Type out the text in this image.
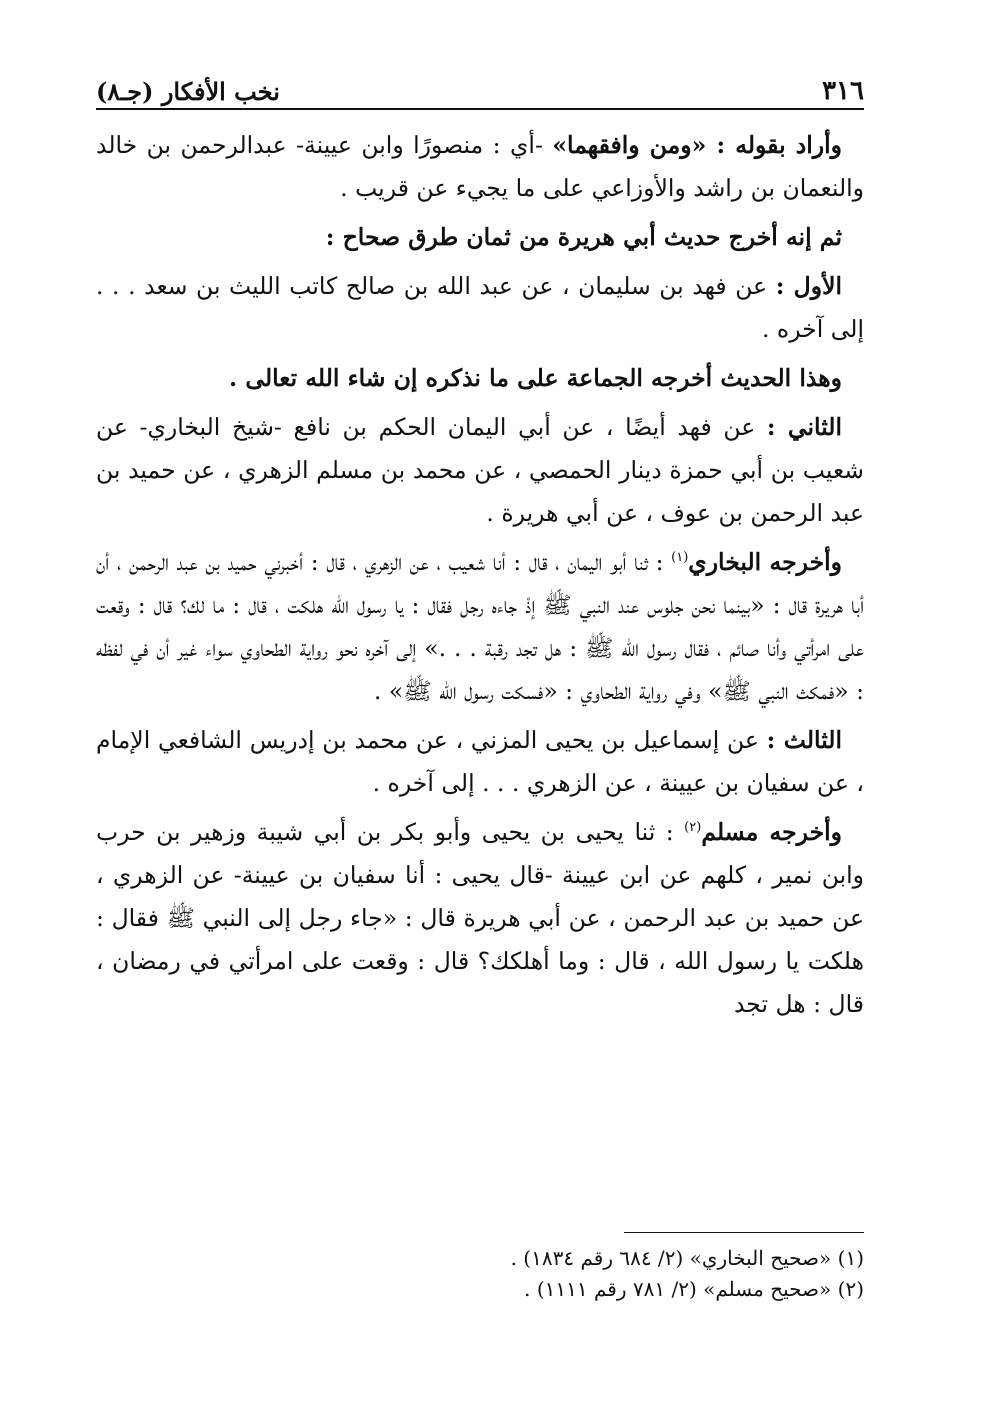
٣١٦
نخب الأفكار (جـ٨)

وأراد بقوله : «ومن وافقهما» -أي : منصورًا وابن عيينة- عبدالرحمن بن خالد والنعمان بن راشد والأوزاعي على ما يجيء عن قريب .

ثم إنه أخرج حديث أبي هريرة من ثمان طرق صحاح :

الأول : عن فهد بن سليمان ، عن عبد الله بن صالح كاتب الليث بن سعد . . . إلى آخره .

وهذا الحديث أخرجه الجماعة على ما نذكره إن شاء الله تعالى .

الثاني : عن فهد أيضًا ، عن أبي اليمان الحكم بن نافع -شيخ البخاري- عن شعيب بن أبي حمزة دينار الحمصي ، عن محمد بن مسلم الزهري ، عن حميد بن عبد الرحمن بن عوف ، عن أبي هريرة .

وأخرجه البخاري$^{(١)}$ : ثنا أبو اليمان ، قال : أنا شعيب ، عن الزهري ، قال : أخبرني حميد بن عبد الرحمن ، أن أبا هريرة قال : «بينما نحن جلوس عند النبي ﷺ إذْ جاءه رجل فقال : يا رسول الله هلكت ، قال : ما لك؟ قال : وقعت على امرأتي وأنا صائم ، فقال رسول الله ﷺ : هل تجد رقبة . . .» إلى آخره نحو رواية الطحاوي سواء غير أن في لفظه : «فمكث النبي ﷺ» وفي رواية الطحاوي : «فسكت رسول الله ﷺ» .

الثالث : عن إسماعيل بن يحيى المزني ، عن محمد بن إدريس الشافعي الإمام ، عن سفيان بن عيينة ، عن الزهري . . . إلى آخره .

وأخرجه مسلم$^{(٢)}$ : ثنا يحيى بن يحيى وأبو بكر بن أبي شيبة وزهير بن حرب وابن نمير ، كلهم عن ابن عيينة -قال يحيى : أنا سفيان بن عيينة- عن الزهري ، عن حميد بن عبد الرحمن ، عن أبي هريرة قال : «جاء رجل إلى النبي ﷺ فقال : هلكت يا رسول الله ، قال : وما أهلكك؟ قال : وقعت على امرأتي في رمضان ، قال : هل تجد

(١) «صحيح البخاري» (٢/ ٦٨٤ رقم ١٨٣٤) .
(٢) «صحيح مسلم» (٢/ ٧٨١ رقم ١١١١) .
